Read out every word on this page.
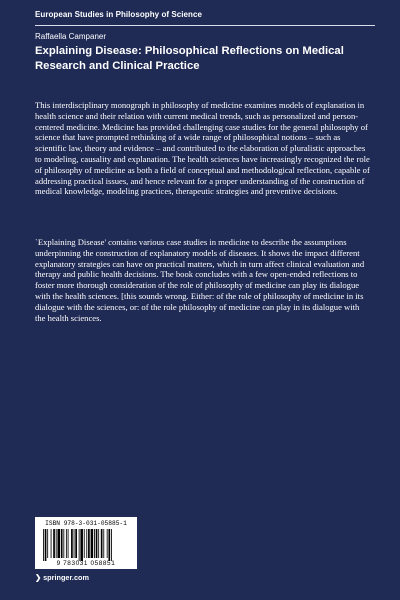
European Studies in Philosophy of Science
Raffaella Campaner
Explaining Disease: Philosophical Reflections on Medical Research and Clinical Practice
This interdisciplinary monograph in philosophy of medicine examines models of explanation in health science and their relation with current medical trends, such as personalized and person-centered medicine. Medicine has provided challenging case studies for the general philosophy of science that have prompted rethinking of a wide range of philosophical notions – such as scientific law, theory and evidence – and contributed to the elaboration of pluralistic approaches to modeling, causality and explanation. The health sciences have increasingly recognized the role of philosophy of medicine as both a field of conceptual and methodological reflection, capable of addressing practical issues, and hence relevant for a proper understanding of the construction of medical knowledge, modeling practices, therapeutic strategies and preventive decisions.
`Explaining Disease' contains various case studies in medicine to describe the assumptions underpinning the construction of explanatory models of diseases. It shows the impact different explanatory strategies can have on practical matters, which in turn affect clinical evaluation and therapy and public health decisions. The book concludes with a few open-ended reflections to foster more thorough consideration of the role of philosophy of medicine can play its dialogue with the health sciences. [this sounds wrong. Either: of the role of philosophy of medicine in its dialogue with the sciences, or: of the role philosophy of medicine can play in its dialogue with the health sciences.
ISBN 978-3-031-05885-1
9 783031 058851
❯ springer.com
